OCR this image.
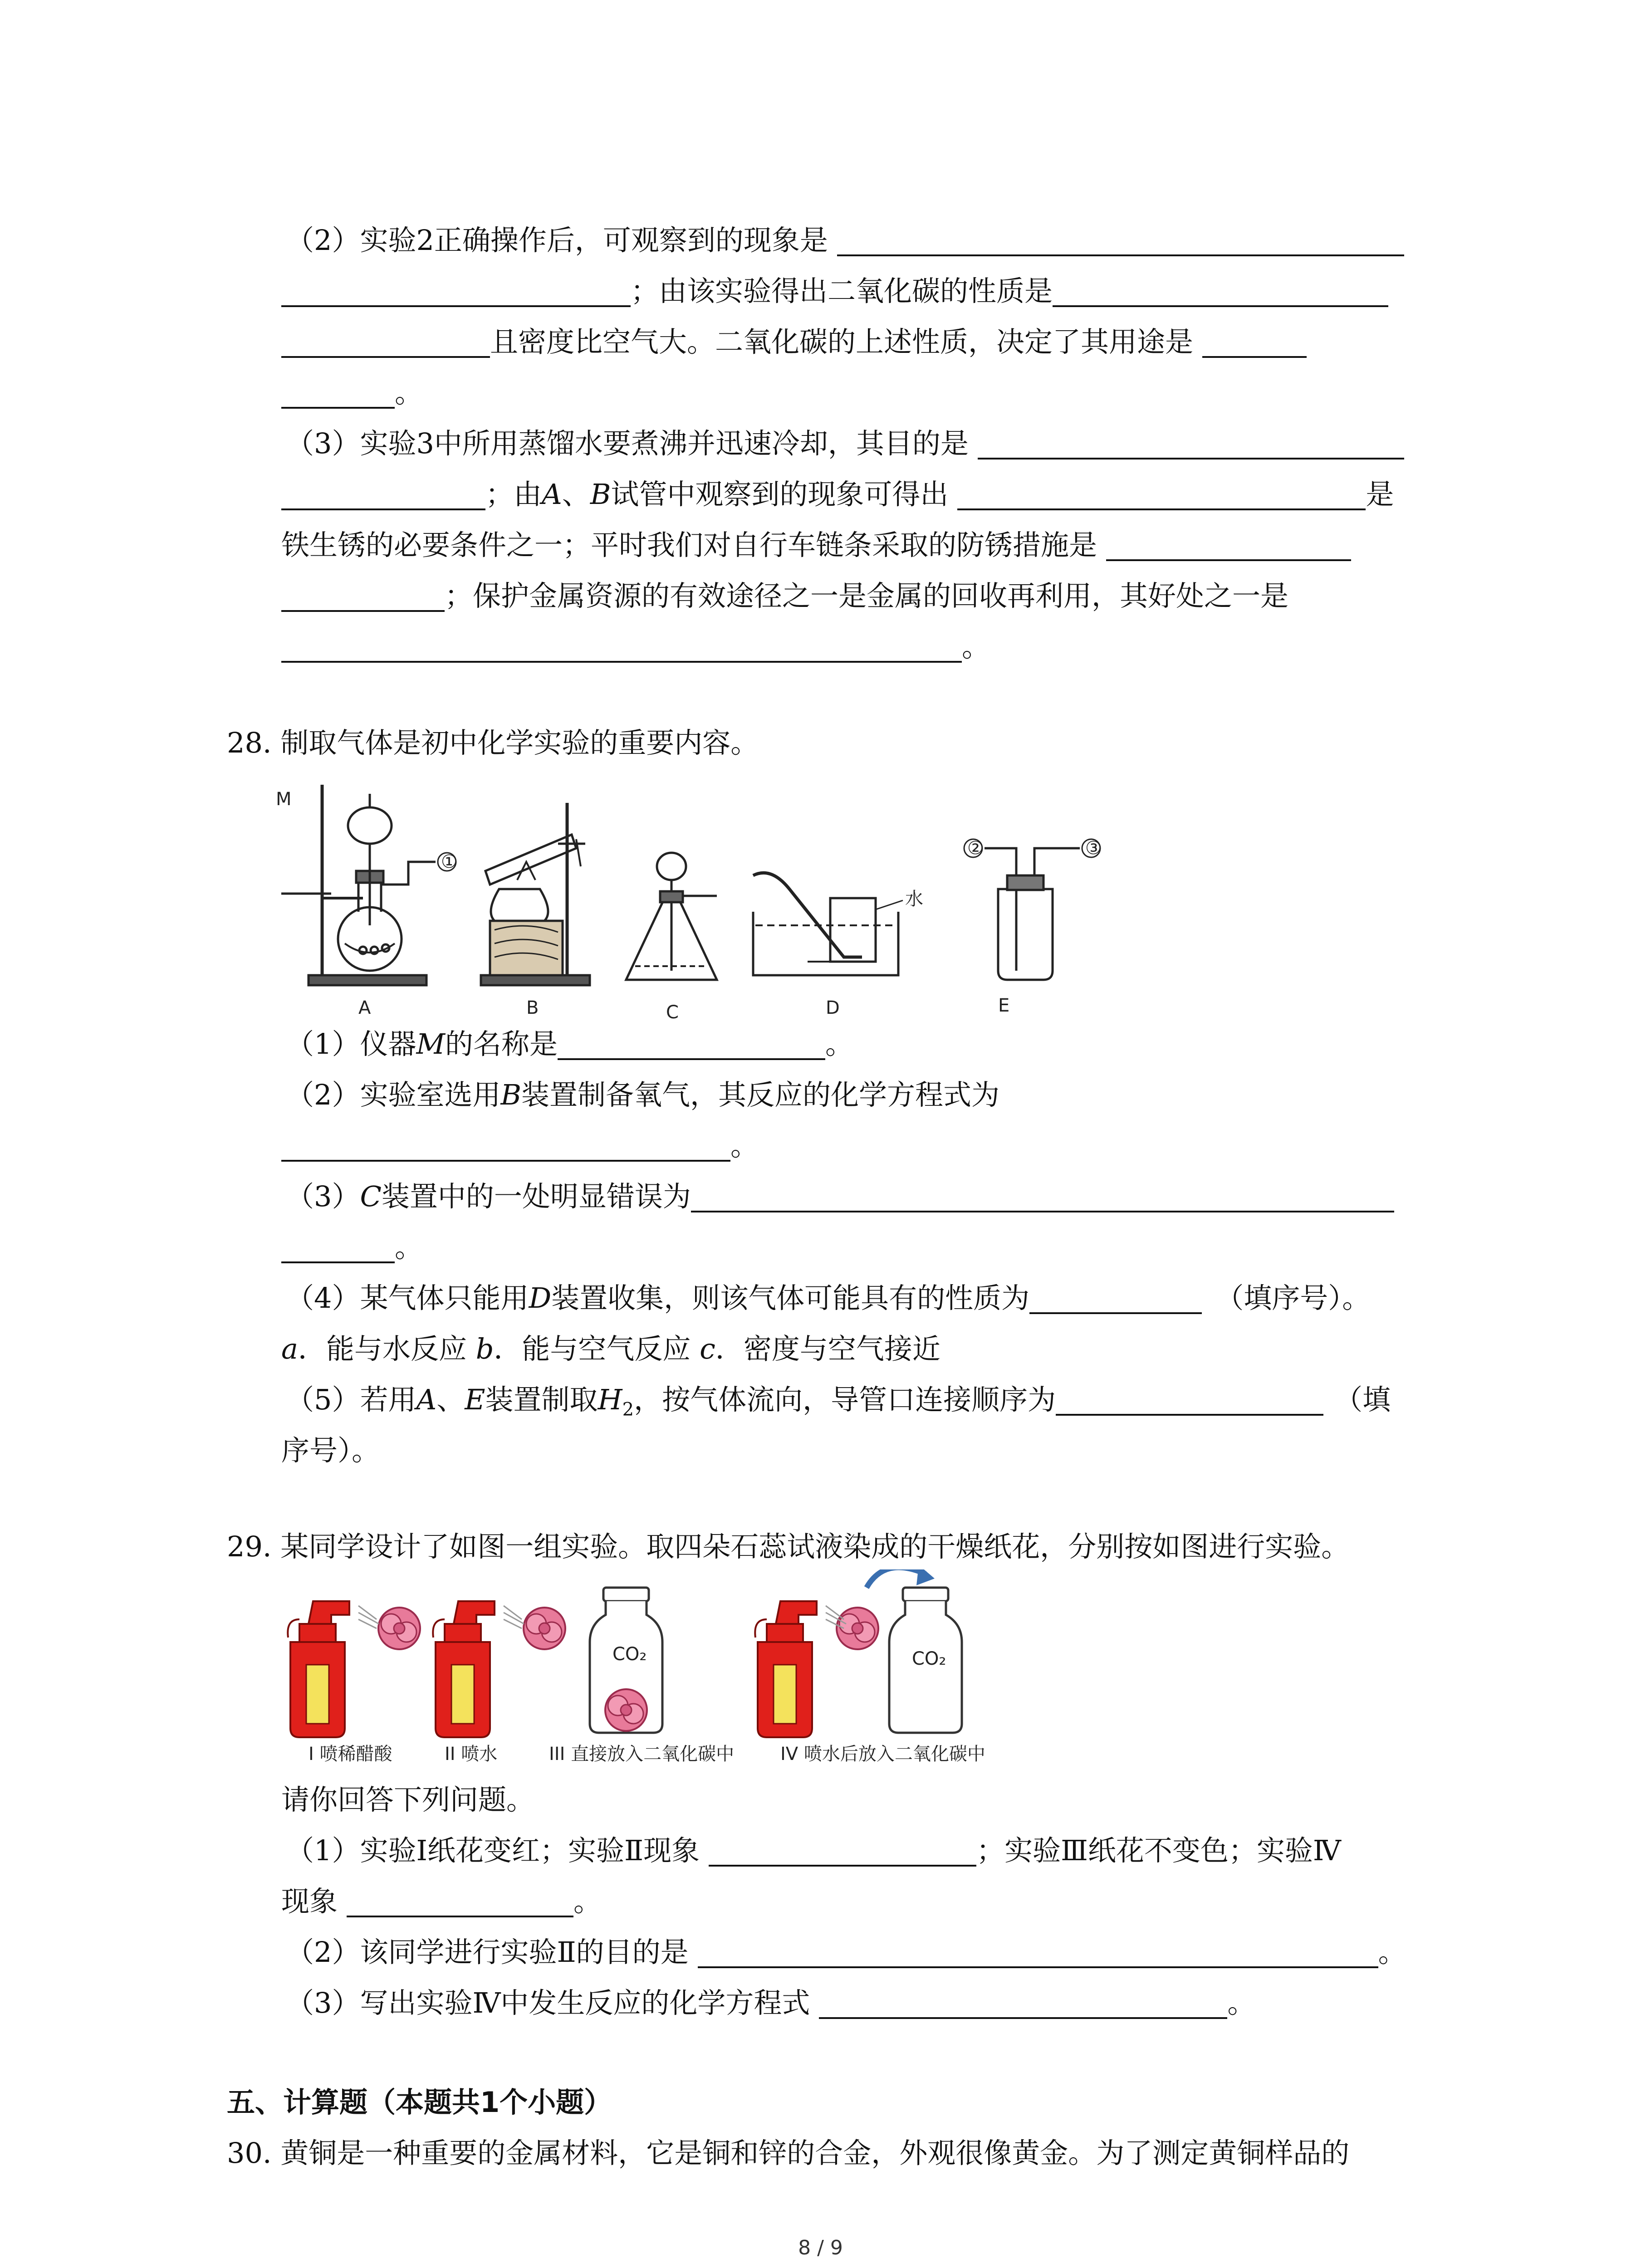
（2）实验2正确操作后，可观察到的现象是
；由该实验得出二氧化碳的性质是
且密度比空气大。二氧化碳的上述性质，决定了其用途是
。
（3）实验3中所用蒸馏水要煮沸并迅速冷却，其目的是
；由A、B试管中观察到的现象可得出	是
铁生锈的必要条件之一；平时我们对自行车链条采取的防锈措施是
；保护金属资源的有效途径之一是金属的回收再利用，其好处之一是
。
28. 制取气体是初中化学实验的重要内容。
M
①
②	③
水
A	B	C	D	E
（1）仪器M的名称是	。
（2）实验室选用B装置制备氧气，其反应的化学方程式为
。
（3）C装置中的一处明显错误为
。
（4）某气体只能用D装置收集，则该气体可能具有的性质为	（填序号）。
a．能与水反应 b．能与空气反应 c．密度与空气接近
（5）若用A、E装置制取$H_2$，按气体流向，导管口连接顺序为	（填
序号）。
29. 某同学设计了如图一组实验。取四朵石蕊试液染成的干燥纸花，分别按如图进行实验。
CO₂	CO₂
I 喷稀醋酸	II 喷水	III 直接放入二氧化碳中	IV 喷水后放入二氧化碳中
请你回答下列问题。
（1）实验Ⅰ纸花变红；实验Ⅱ现象	；实验Ⅲ纸花不变色；实验Ⅳ
现象	。
（2）该同学进行实验Ⅱ的目的是	。
（3）写出实验Ⅳ中发生反应的化学方程式	。
五、计算题（本题共1个小题）
30. 黄铜是一种重要的金属材料，它是铜和锌的合金，外观很像黄金。为了测定黄铜样品的
8 / 9
